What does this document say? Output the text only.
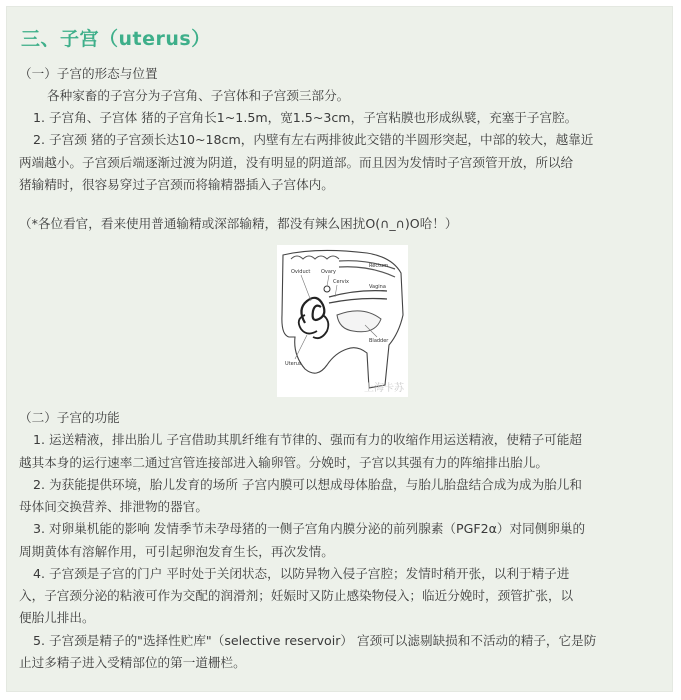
三、子宫（uterus）
（一）子宫的形态与位置
各种家畜的子宫分为子宫角、子宫体和子宫颈三部分。
1. 子宫角、子宫体 猪的子宫角长1~1.5m，宽1.5~3cm，子宫粘膜也形成纵襞，充塞于子宫腔。
2. 子宫颈 猪的子宫颈长达10~18cm，内壁有左右两排彼此交错的半圆形突起，中部的较大，越靠近
两端越小。子宫颈后端逐渐过渡为阴道，没有明显的阴道部。而且因为发情时子宫颈管开放，所以给
猪输精时，很容易穿过子宫颈而将输精器插入子宫体内。
（*各位看官，看来使用普通输精或深部输精，都没有辣么困扰O(∩_∩)O哈！）
Oviduct Ovary
Cervix
Rectum
Vagina
Bladder
Uterus
上海卡苏
（二）子宫的功能
1. 运送精液，排出胎儿 子宫借助其肌纤维有节律的、强而有力的收缩作用运送精液，使精子可能超
越其本身的运行速率二通过宫管连接部进入输卵管。分娩时，子宫以其强有力的阵缩排出胎儿。
2. 为获能提供环境，胎儿发育的场所 子宫内膜可以想成母体胎盘，与胎儿胎盘结合成为成为胎儿和
母体间交换营养、排泄物的器官。
3. 对卵巢机能的影响 发情季节未孕母猪的一侧子宫角内膜分泌的前列腺素（PGF2α）对同侧卵巢的
周期黄体有溶解作用，可引起卵泡发育生长，再次发情。
4. 子宫颈是子宫的门户 平时处于关闭状态，以防异物入侵子宫腔；发情时稍开张，以利于精子进
入，子宫颈分泌的粘液可作为交配的润滑剂；妊娠时又防止感染物侵入；临近分娩时，颈管扩张，以
便胎儿排出。
5. 子宫颈是精子的"选择性贮库"（selective reservoir） 宫颈可以滤剔缺损和不活动的精子，它是防
止过多精子进入受精部位的第一道栅栏。
